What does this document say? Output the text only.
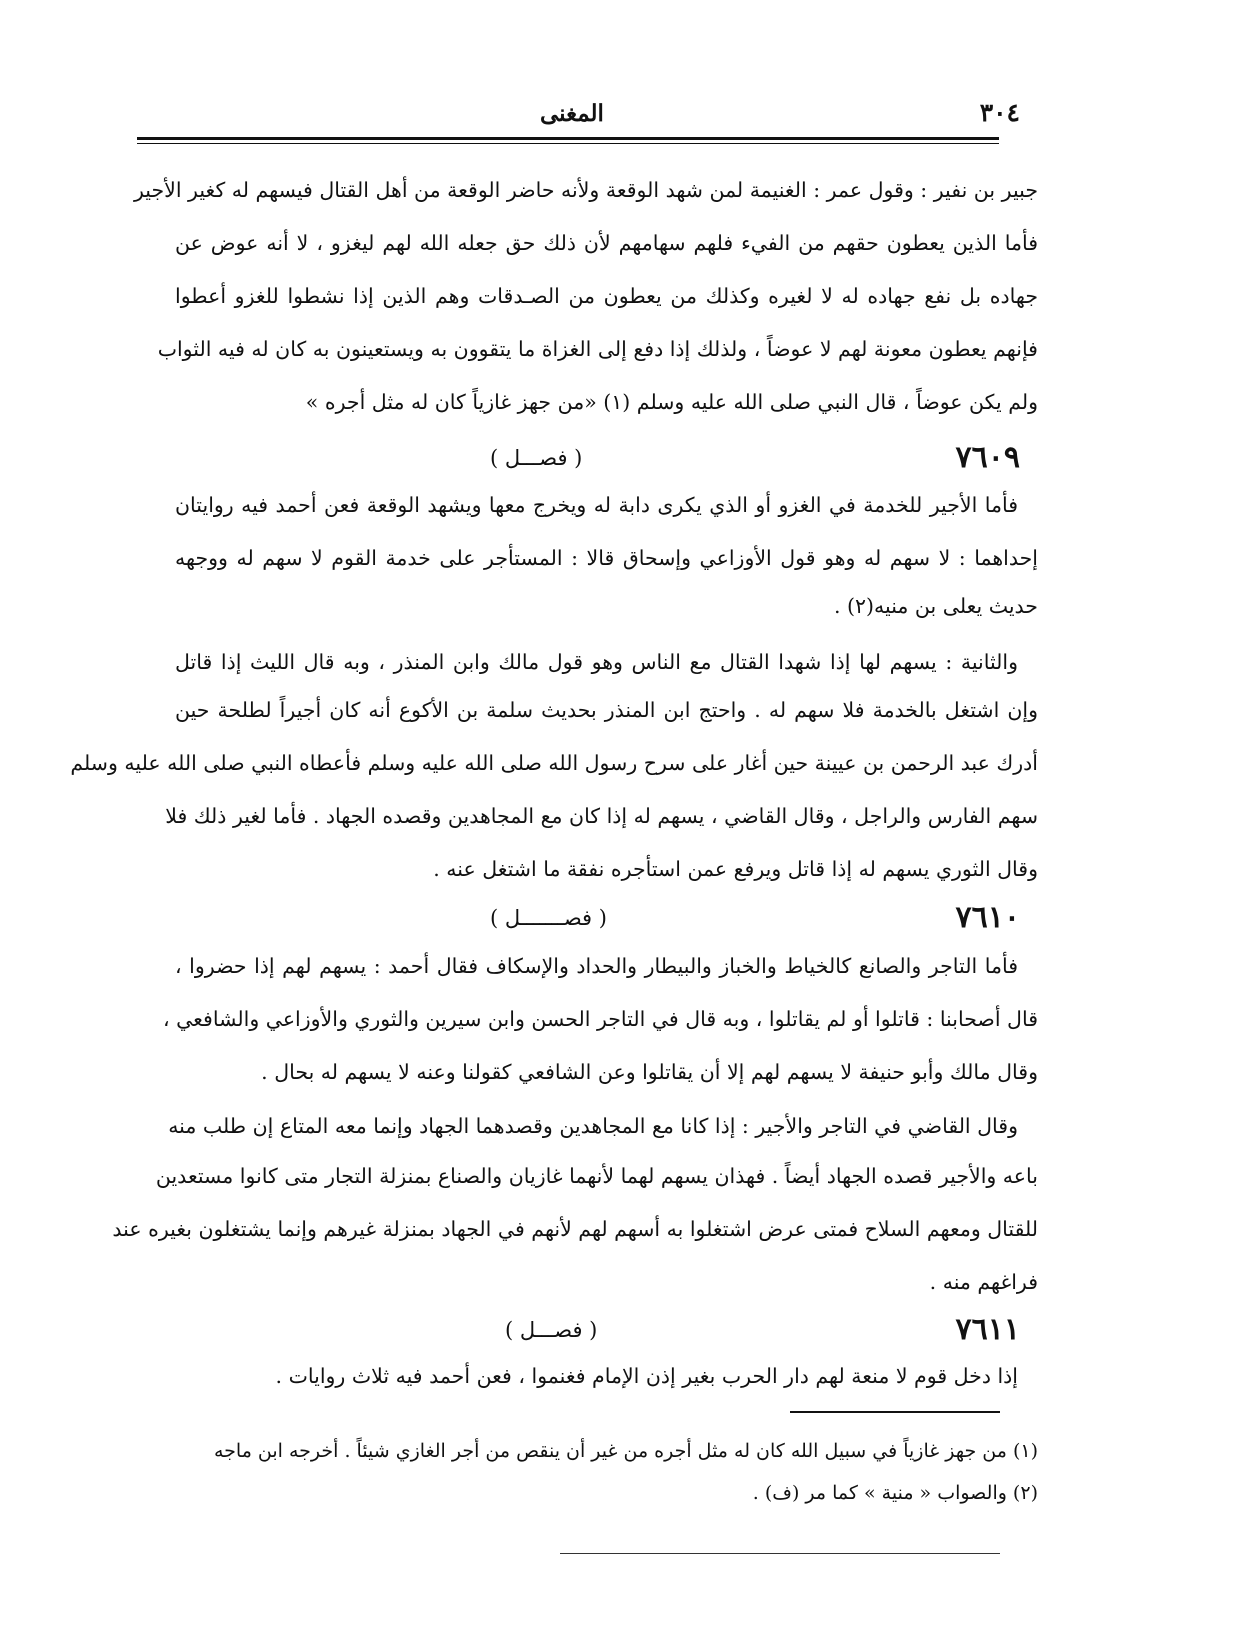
٣٠٤
المغنى
جبير بن نفير : وقول عمر : الغنيمة لمن شهد الوقعة ولأنه حاضر الوقعة من أهل القتال فيسهم له كغير الأجير
فأما الذين يعطون حقهم من الفيء فلهم سهامهم لأن ذلك حق جعله الله لهم ليغزو ، لا أنه عوض عن
جهاده بل نفع جهاده له لا لغيره وكذلك من يعطون من الصـدقات وهم الذين إذا نشطوا للغزو أعطوا
فإنهم يعطون معونة لهم لا عوضاً ، ولذلك إذا دفع إلى الغزاة ما يتقوون به ويستعينون به كان له فيه الثواب
ولم يكن عوضاً ، قال النبي صلى الله عليه وسلم (١) «من جهز غازياً كان له مثل أجره »
٧٦٠٩
( فصـــل )
فأما الأجير للخدمة في الغزو أو الذي يكرى دابة له ويخرج معها ويشهد الوقعة فعن أحمد فيه روايتان
إحداهما : لا سهم له وهو قول الأوزاعي وإسحاق قالا : المستأجر على خدمة القوم لا سهم له ووجهه
حديث يعلى بن منيه(٢) .
والثانية : يسهم لها إذا شهدا القتال مع الناس وهو قول مالك وابن المنذر ، وبه قال الليث إذا قاتل
وإن اشتغل بالخدمة فلا سهم له . واحتج ابن المنذر بحديث سلمة بن الأكوع أنه كان أجيراً لطلحة حين
أدرك عبد الرحمن بن عيينة حين أغار على سرح رسول الله صلى الله عليه وسلم فأعطاه النبي صلى الله عليه وسلم
سهم الفارس والراجل ، وقال القاضي ، يسهم له إذا كان مع المجاهدين وقصده الجهاد . فأما لغير ذلك فلا
وقال الثوري يسهم له إذا قاتل ويرفع عمن استأجره نفقة ما اشتغل عنه .
٧٦١٠
( فصـــــــل )
فأما التاجر والصانع كالخياط والخباز والبيطار والحداد والإسكاف فقال أحمد : يسهم لهم إذا حضروا ،
قال أصحابنا : قاتلوا أو لم يقاتلوا ، وبه قال في التاجر الحسن وابن سيرين والثوري والأوزاعي والشافعي ،
وقال مالك وأبو حنيفة لا يسهم لهم إلا أن يقاتلوا وعن الشافعي كقولنا وعنه لا يسهم له بحال .
وقال القاضي في التاجر والأجير : إذا كانا مع المجاهدين وقصدهما الجهاد وإنما معه المتاع إن طلب منه
باعه والأجير قصده الجهاد أيضاً . فهذان يسهم لهما لأنهما غازيان والصناع بمنزلة التجار متى كانوا مستعدين
للقتال ومعهم السلاح فمتى عرض اشتغلوا به أسهم لهم لأنهم في الجهاد بمنزلة غيرهم وإنما يشتغلون بغيره عند
فراغهم منه .
٧٦١١
( فصـــل )
إذا دخل قوم لا منعة لهم دار الحرب بغير إذن الإمام فغنموا ، فعن أحمد فيه ثلاث روايات .
(١) من جهز غازياً في سبيل الله كان له مثل أجره من غير أن ينقص من أجر الغازي شيئاً . أخرجه ابن ماجه
(٢) والصواب « منية » كما مر (ف) .
